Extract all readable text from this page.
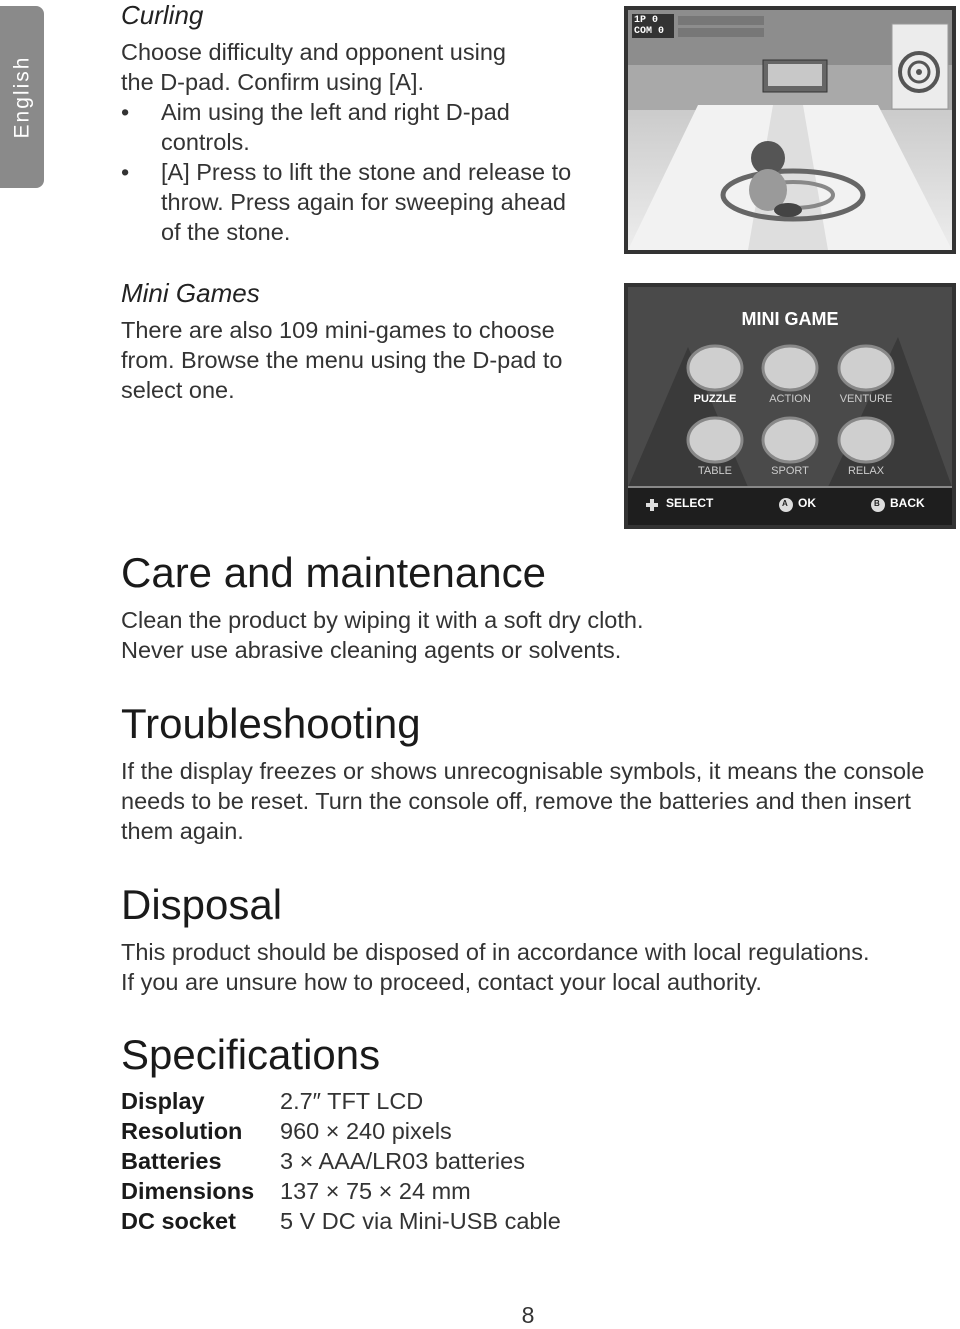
English
Curling
Choose difficulty and opponent using
the D-pad. Confirm using [A].
• Aim using the left and right D-pad
controls.
• [A] Press to lift the stone and release to
throw. Press again for sweeping ahead
of the stone.
Mini Games
There are also 109 mini-games to choose
from. Browse the menu using the D-pad to
select one.
1P 0
COM 0
MINI GAME
PUZZLE	ACTION	VENTURE
TABLE	SPORT	RELAX
SELECT	A OK	B BACK
Care and maintenance
Clean the product by wiping it with a soft dry cloth.
Never use abrasive cleaning agents or solvents.
Troubleshooting
If the display freezes or shows unrecognisable symbols, it means the console
needs to be reset. Turn the console off, remove the batteries and then insert
them again.
Disposal
This product should be disposed of in accordance with local regulations.
If you are unsure how to proceed, contact your local authority.
Specifications
Display	2.7″ TFT LCD
Resolution	960 × 240 pixels
Batteries	3 × AAA/LR03 batteries
Dimensions	137 × 75 × 24 mm
DC socket	5 V DC via Mini-USB cable
8
